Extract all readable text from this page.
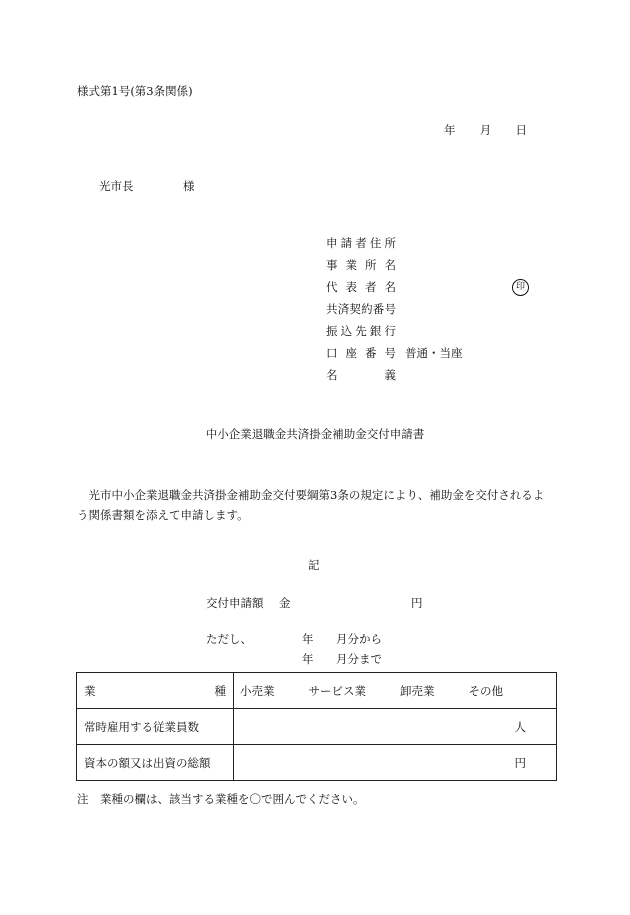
様式第1号(第3条関係)
年 月 日
光市長	様
申 請 者 住 所
事 業 所 名
代 表 者 名
共 済 契 約 番 号
振 込 先 銀 行
口 座 番 号 普通・当座
名	義
印
中小企業退職金共済掛金補助金交付申請書
光市中小企業退職金共済掛金補助金交付要綱第3条の規定により、補助金を交付されるよう関係書類を添えて申請します。
記
交付申請額 金	円
ただし、	年 月分から
年 月分まで
業 種	小売業 サービス業 卸売業 その他
常時雇用する従業員数	人
資本の額又は出資の総額	円
注　業種の欄は、該当する業種を〇で囲んでください。
